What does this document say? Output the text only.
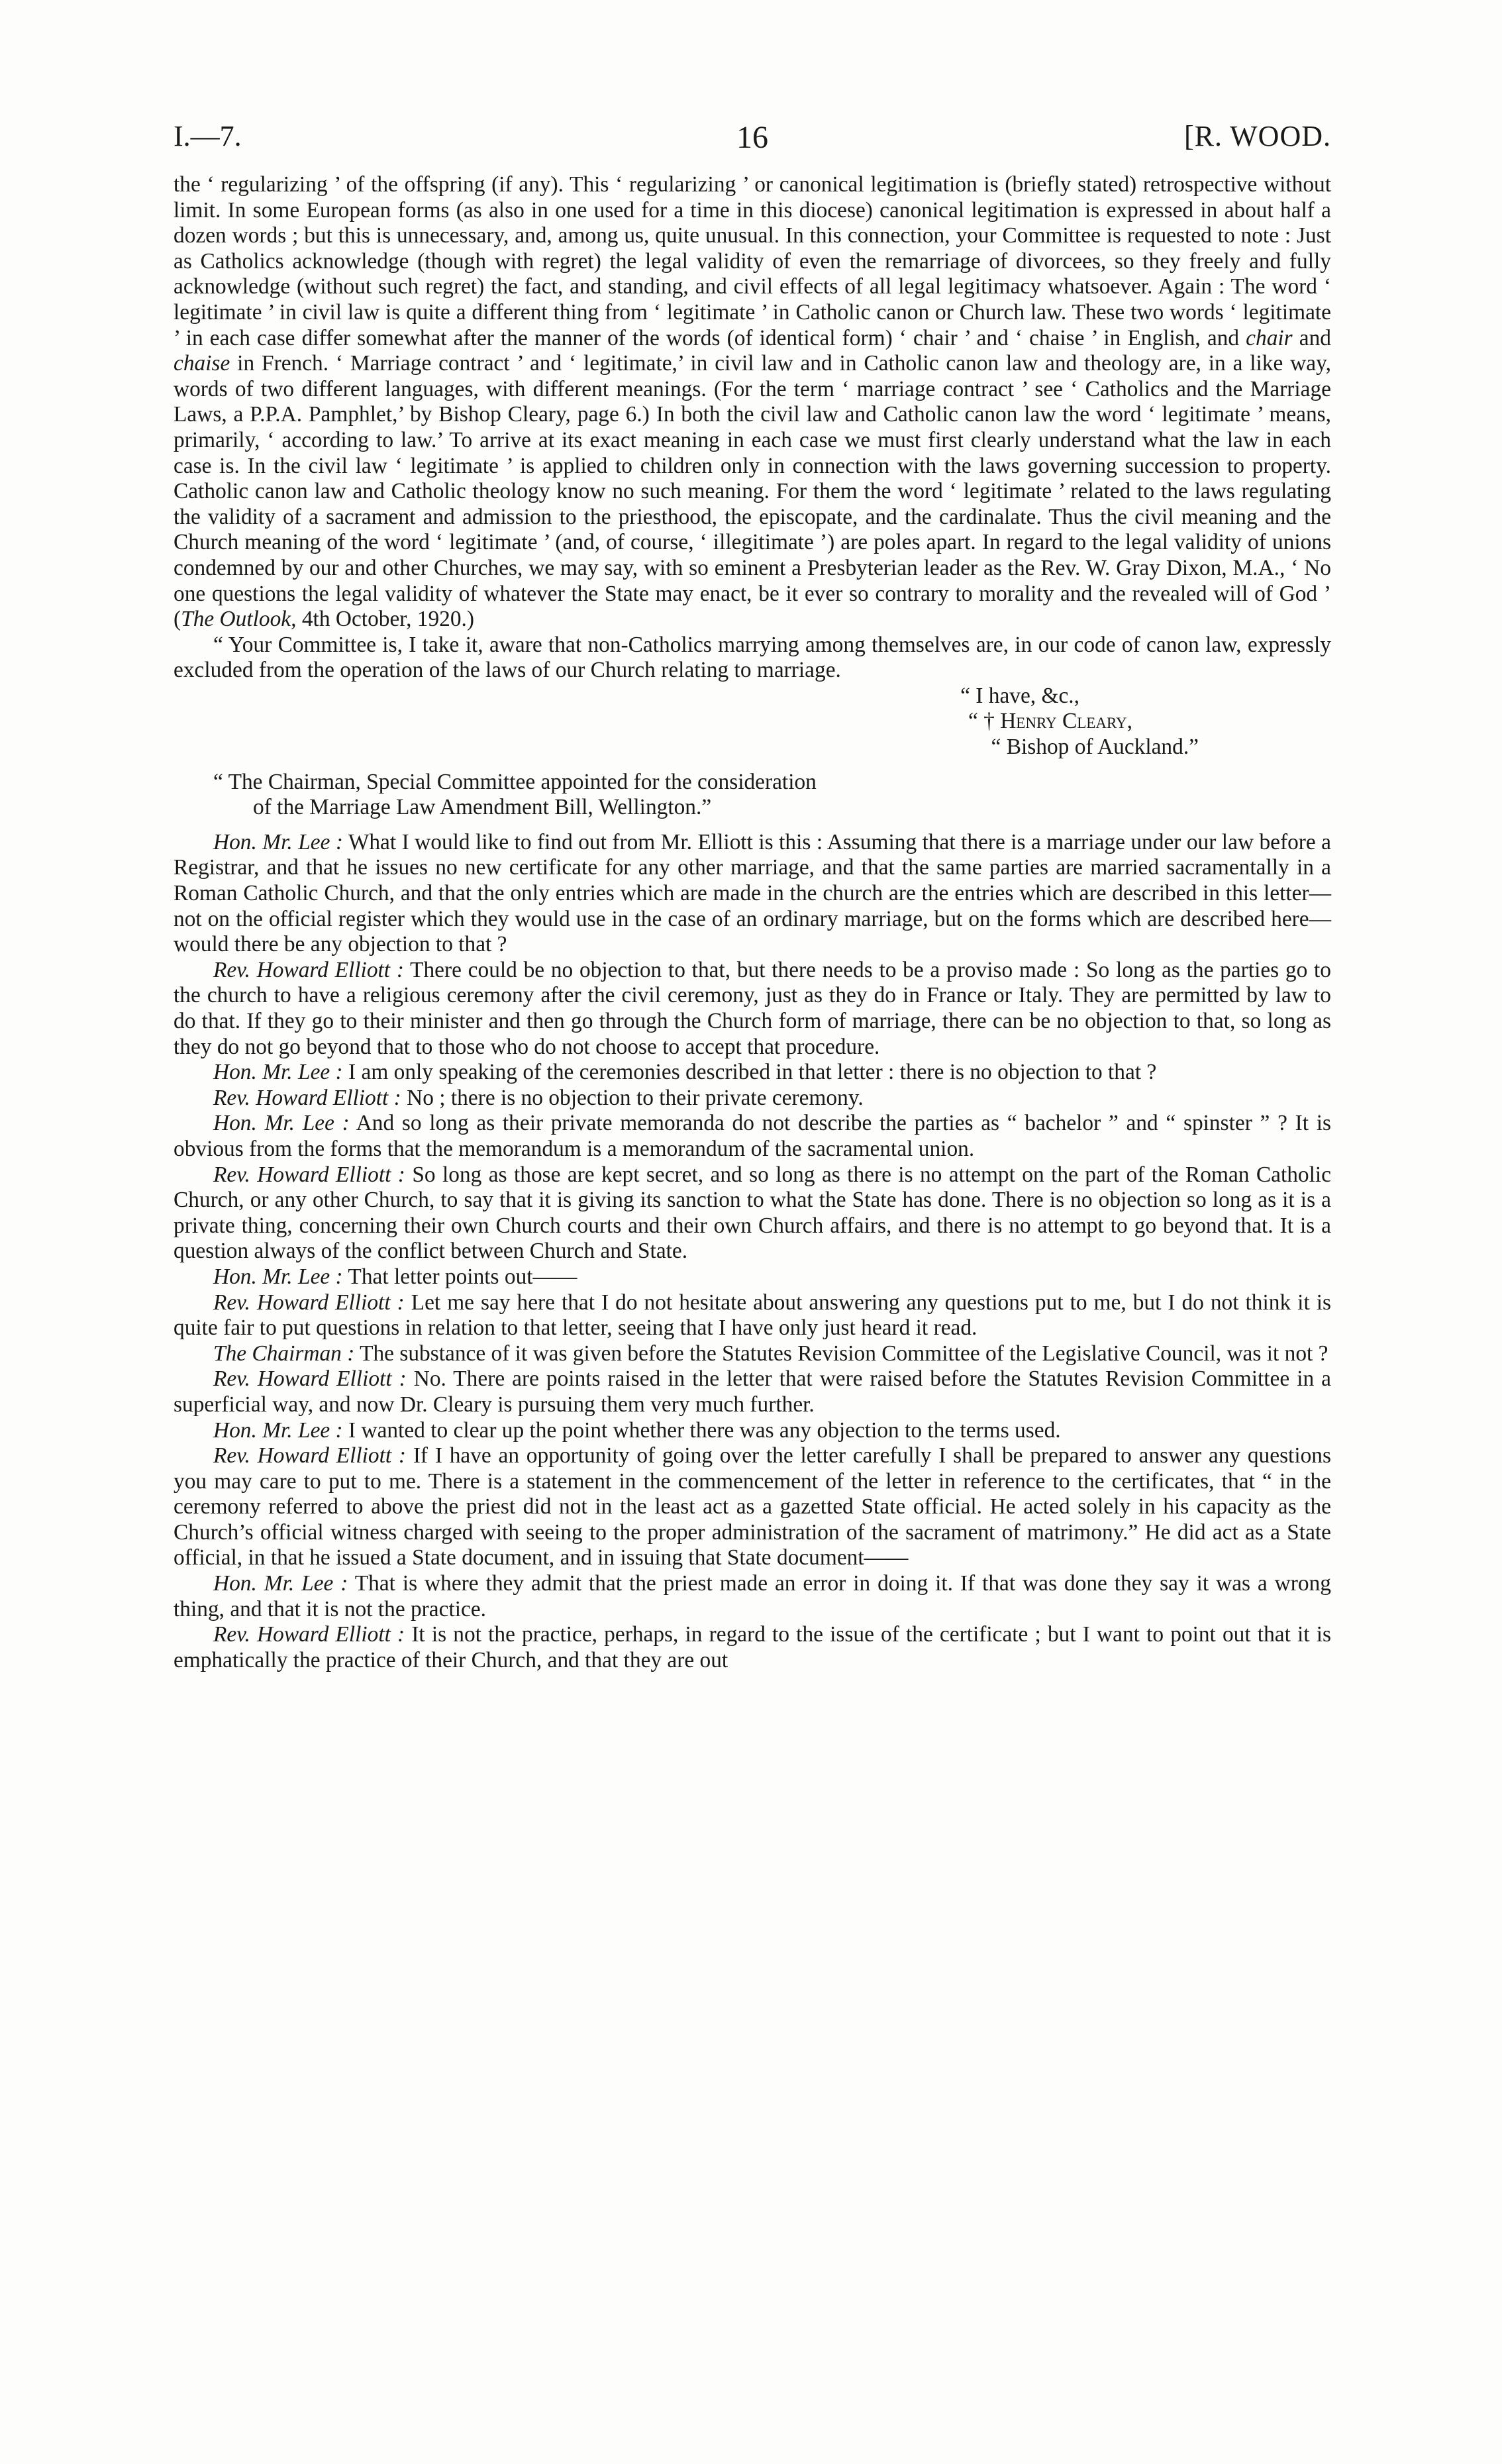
I.—7.	16	[R. WOOD.

the ‘ regularizing ’ of the offspring (if any). This ‘ regularizing ’ or canonical legitimation is (briefly stated) retrospective without limit. In some European forms (as also in one used for a time in this diocese) canonical legitimation is expressed in about half a dozen words ; but this is unnecessary, and, among us, quite unusual. In this connection, your Committee is requested to note : Just as Catholics acknowledge (though with regret) the legal validity of even the remarriage of divorcees, so they freely and fully acknowledge (without such regret) the fact, and standing, and civil effects of all legal legitimacy whatsoever. Again : The word ‘ legitimate ’ in civil law is quite a different thing from ‘ legitimate ’ in Catholic canon or Church law. These two words ‘ legitimate ’ in each case differ somewhat after the manner of the words (of identical form) ‘ chair ’ and ‘ chaise ’ in English, and chair and chaise in French. ‘ Marriage contract ’ and ‘ legitimate,’ in civil law and in Catholic canon law and theology are, in a like way, words of two different languages, with different meanings. (For the term ‘ marriage contract ’ see ‘ Catholics and the Marriage Laws, a P.P.A. Pamphlet,’ by Bishop Cleary, page 6.) In both the civil law and Catholic canon law the word ‘ legitimate ’ means, primarily, ‘ according to law.’ To arrive at its exact meaning in each case we must first clearly understand what the law in each case is. In the civil law ‘ legitimate ’ is applied to children only in connection with the laws governing succession to property. Catholic canon law and Catholic theology know no such meaning. For them the word ‘ legitimate ’ related to the laws regulating the validity of a sacrament and admission to the priesthood, the episcopate, and the cardinalate. Thus the civil meaning and the Church meaning of the word ‘ legitimate ’ (and, of course, ‘ illegitimate ’) are poles apart. In regard to the legal validity of unions condemned by our and other Churches, we may say, with so eminent a Presbyterian leader as the Rev. W. Gray Dixon, M.A., ‘ No one questions the legal validity of whatever the State may enact, be it ever so contrary to morality and the revealed will of God ’ (The Outlook, 4th October, 1920.)

“ Your Committee is, I take it, aware that non-Catholics marrying among themselves are, in our code of canon law, expressly excluded from the operation of the laws of our Church relating to marriage.

“ I have, &c.,

“ † Henry Cleary,

“ Bishop of Auckland.”

“ The Chairman, Special Committee appointed for the consideration

of the Marriage Law Amendment Bill, Wellington.”

Hon. Mr. Lee : What I would like to find out from Mr. Elliott is this : Assuming that there is a marriage under our law before a Registrar, and that he issues no new certificate for any other marriage, and that the same parties are married sacramentally in a Roman Catholic Church, and that the only entries which are made in the church are the entries which are described in this letter—not on the official register which they would use in the case of an ordinary marriage, but on the forms which are described here—would there be any objection to that ?

Rev. Howard Elliott : There could be no objection to that, but there needs to be a proviso made : So long as the parties go to the church to have a religious ceremony after the civil ceremony, just as they do in France or Italy. They are permitted by law to do that. If they go to their minister and then go through the Church form of marriage, there can be no objection to that, so long as they do not go beyond that to those who do not choose to accept that procedure.

Hon. Mr. Lee : I am only speaking of the ceremonies described in that letter : there is no objection to that ?

Rev. Howard Elliott : No ; there is no objection to their private ceremony.

Hon. Mr. Lee : And so long as their private memoranda do not describe the parties as “ bachelor ” and “ spinster ” ? It is obvious from the forms that the memorandum is a memorandum of the sacramental union.

Rev. Howard Elliott : So long as those are kept secret, and so long as there is no attempt on the part of the Roman Catholic Church, or any other Church, to say that it is giving its sanction to what the State has done. There is no objection so long as it is a private thing, concerning their own Church courts and their own Church affairs, and there is no attempt to go beyond that. It is a question always of the conflict between Church and State.

Hon. Mr. Lee : That letter points out——

Rev. Howard Elliott : Let me say here that I do not hesitate about answering any questions put to me, but I do not think it is quite fair to put questions in relation to that letter, seeing that I have only just heard it read.

The Chairman : The substance of it was given before the Statutes Revision Committee of the Legislative Council, was it not ?

Rev. Howard Elliott : No. There are points raised in the letter that were raised before the Statutes Revision Committee in a superficial way, and now Dr. Cleary is pursuing them very much further.

Hon. Mr. Lee : I wanted to clear up the point whether there was any objection to the terms used.

Rev. Howard Elliott : If I have an opportunity of going over the letter carefully I shall be prepared to answer any questions you may care to put to me. There is a statement in the commencement of the letter in reference to the certificates, that “ in the ceremony referred to above the priest did not in the least act as a gazetted State official. He acted solely in his capacity as the Church’s official witness charged with seeing to the proper administration of the sacrament of matrimony.” He did act as a State official, in that he issued a State document, and in issuing that State document——

Hon. Mr. Lee : That is where they admit that the priest made an error in doing it. If that was done they say it was a wrong thing, and that it is not the practice.

Rev. Howard Elliott : It is not the practice, perhaps, in regard to the issue of the certificate ; but I want to point out that it is emphatically the practice of their Church, and that they are out
